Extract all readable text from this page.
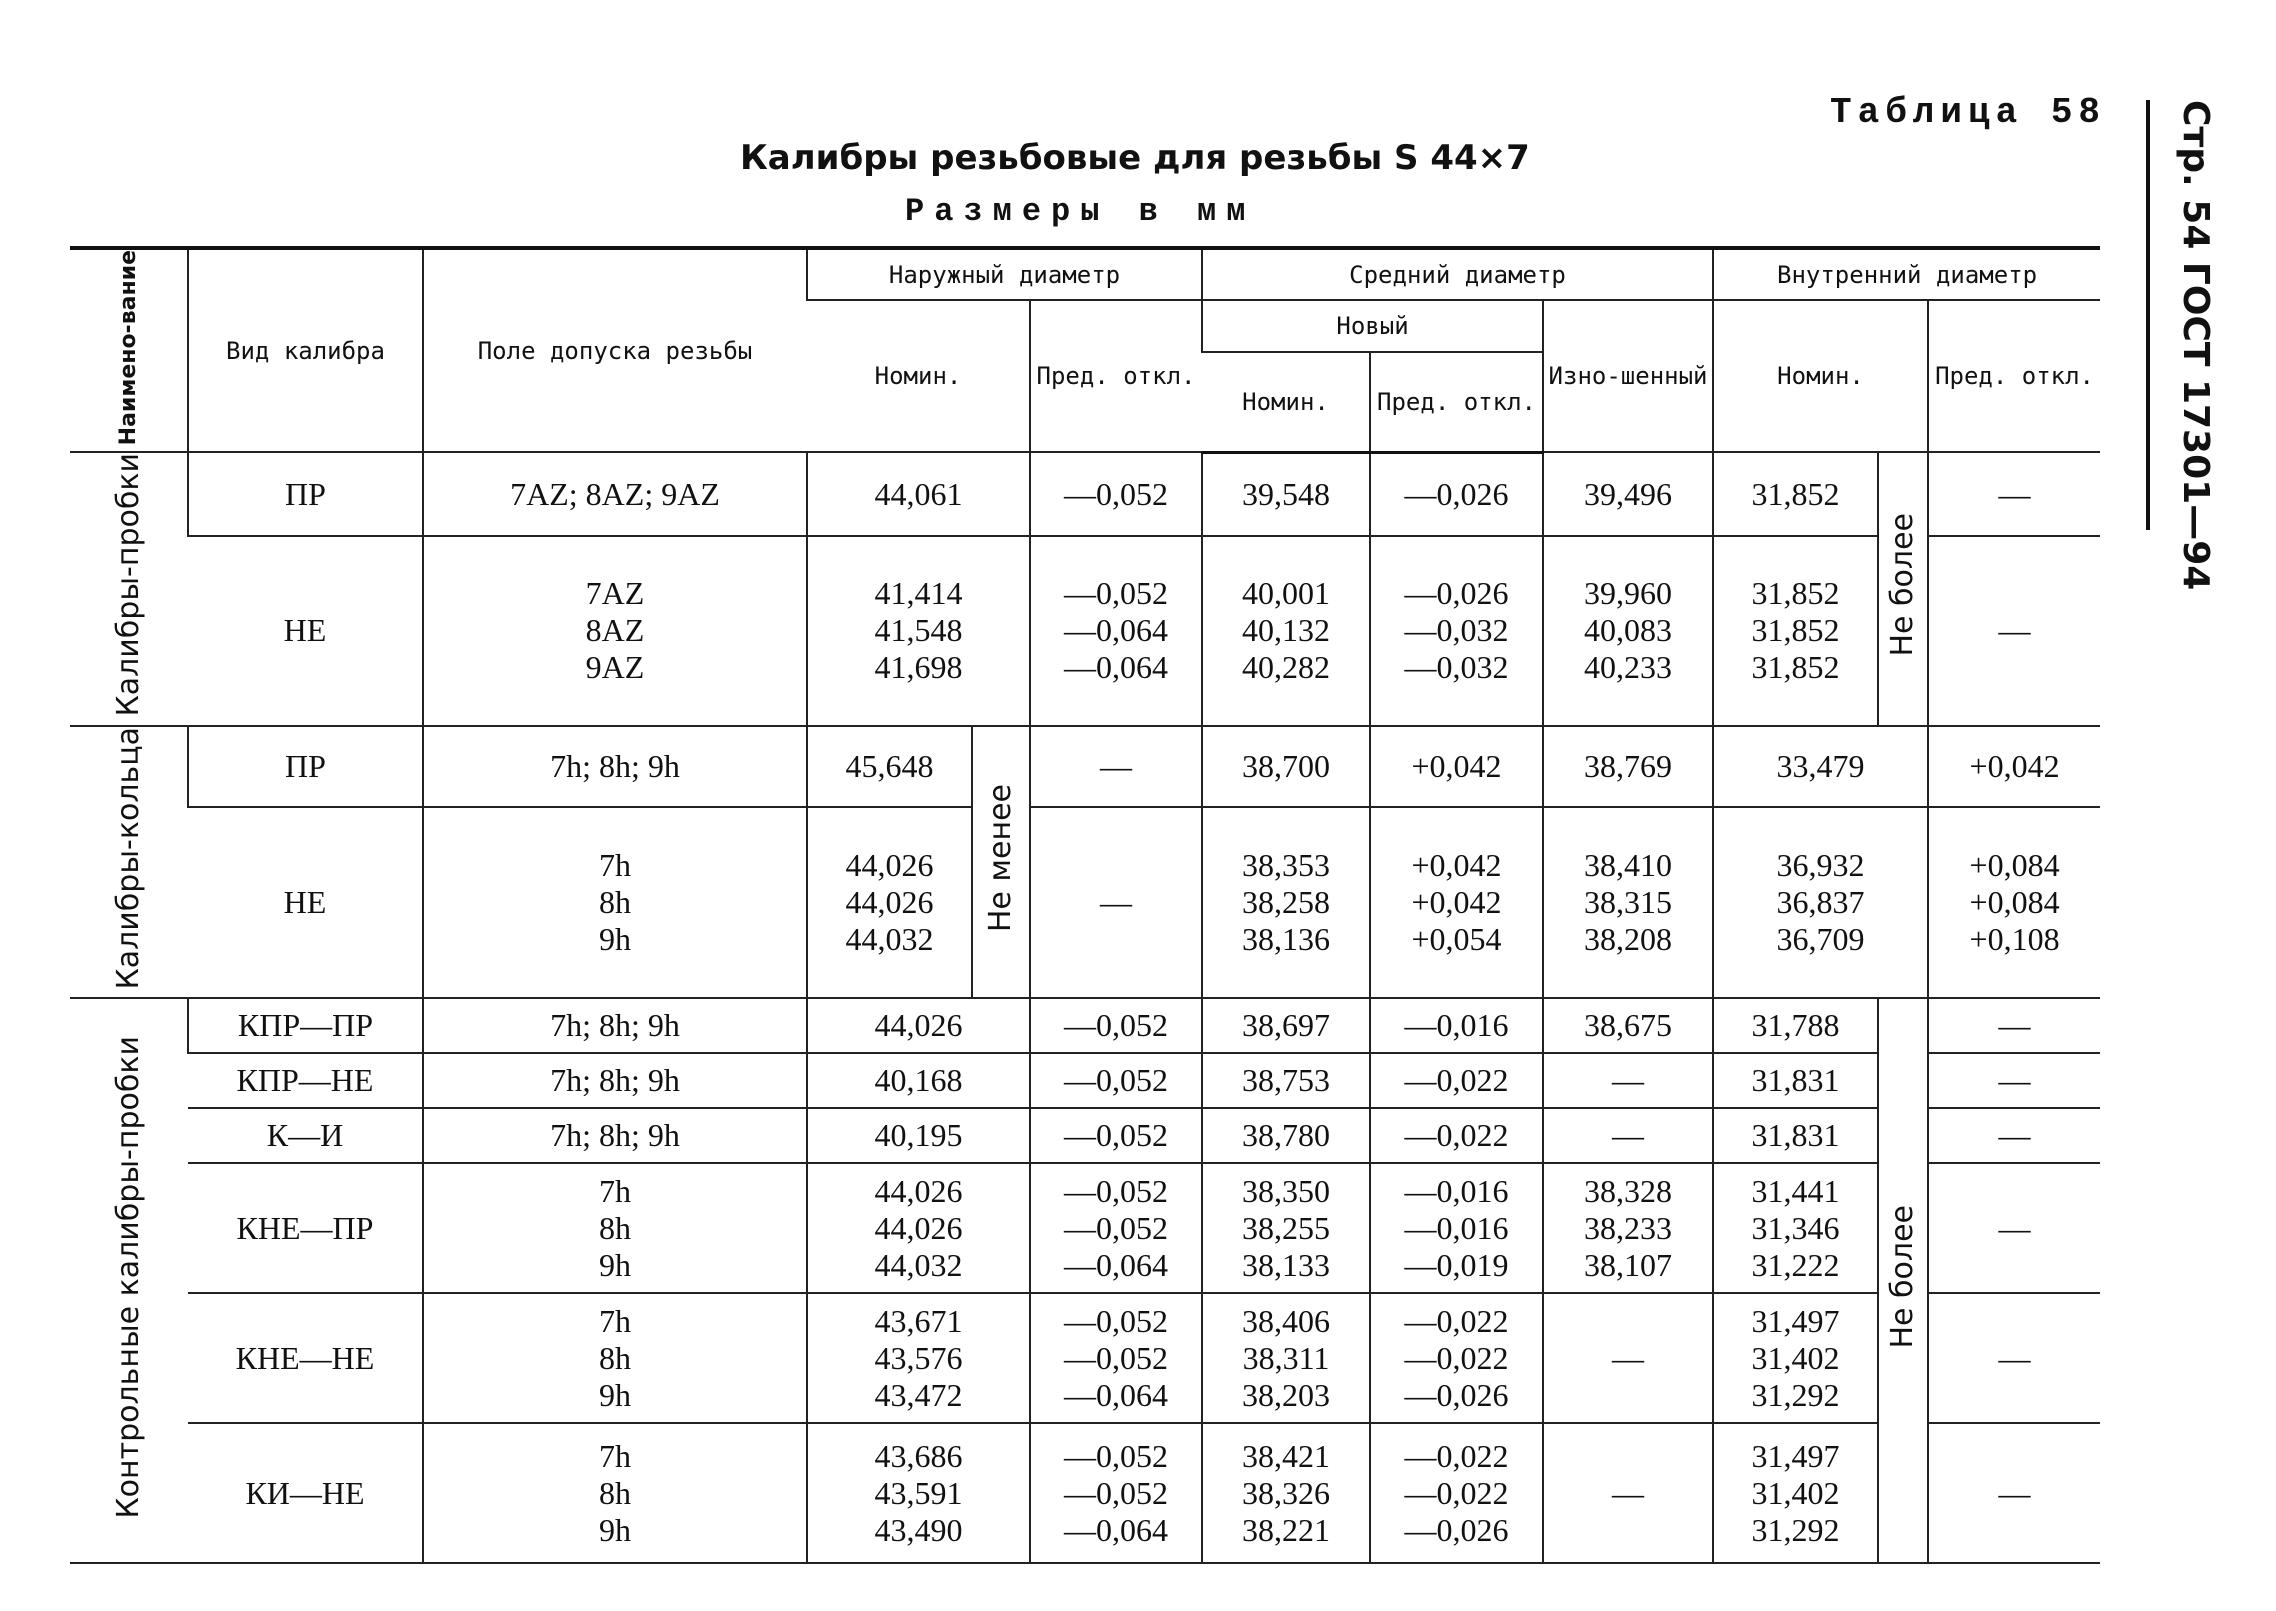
Таблица 58
Калибры резьбовые для резьбы S 44×7
Размеры в мм	Стр. 54 ГОСТ 17301—94
Наимено-вание	Вид калибра	Поле допуска резьбы	Наружный диаметр			Средний диаметр			Внутренний диаметр		
			Номин.		Пред. откл.	Новый		Изно-шенный	Номин.		Пред. откл.
						Номин.	Пред. откл.				
Калибры-пробки	ПР	7AZ; 8AZ; 9AZ	44,061		—0,052	39,548	—0,026	39,496	31,852	Не более	—
	НЕ	7AZ
8AZ
9AZ	41,414
41,548
41,698		—0,052
—0,064
—0,064	40,001
40,132
40,282	—0,026
—0,032
—0,032	39,960
40,083
40,233	31,852
31,852
31,852		—
Калибры-кольца	ПР	7h; 8h; 9h	45,648	Не менее	—	38,700	+0,042	38,769	33,479		+0,042
	НЕ	7h
8h
9h	44,026
44,026
44,032		—	38,353
38,258
38,136	+0,042
+0,042
+0,054	38,410
38,315
38,208	36,932
36,837
36,709		+0,084
+0,084
+0,108
Контрольные калибры-пробки	КПР—ПР	7h; 8h; 9h	44,026		—0,052	38,697	—0,016	38,675	31,788	Не более	—
	КПР—НЕ	7h; 8h; 9h	40,168		—0,052	38,753	—0,022	—	31,831		—
	К—И	7h; 8h; 9h	40,195		—0,052	38,780	—0,022	—	31,831		—
	КНЕ—ПР	7h
8h
9h	44,026
44,026
44,032		—0,052
—0,052
—0,064	38,350
38,255
38,133	—0,016
—0,016
—0,019	38,328
38,233
38,107	31,441
31,346
31,222		—
	КНЕ—НЕ	7h
8h
9h	43,671
43,576
43,472		—0,052
—0,052
—0,064	38,406
38,311
38,203	—0,022
—0,022
—0,026	—	31,497
31,402
31,292		—
	КИ—НЕ	7h
8h
9h	43,686
43,591
43,490		—0,052
—0,052
—0,064	38,421
38,326
38,221	—0,022
—0,022
—0,026	—	31,497
31,402
31,292		—
